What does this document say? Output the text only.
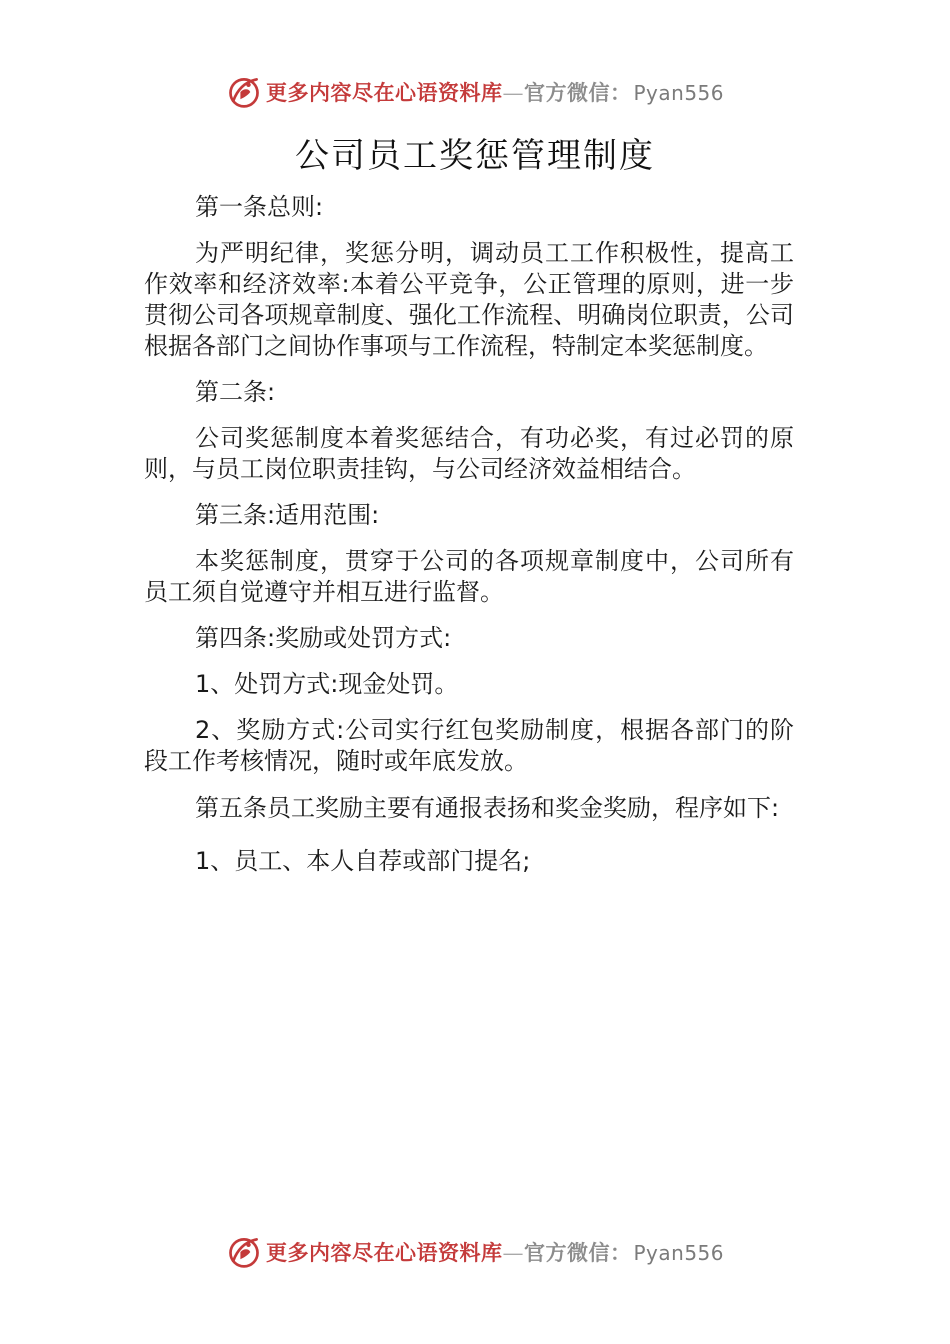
更多内容尽在心语资料库—官方微信： Pyan556
公司员工奖惩管理制度

第一条总则:

为严明纪律，奖惩分明，调动员工工作积极性，提高工作效率和经济效率:本着公平竞争，公正管理的原则，进一步贯彻公司各项规章制度、强化工作流程、明确岗位职责，公司根据各部门之间协作事项与工作流程，特制定本奖惩制度。

第二条:

公司奖惩制度本着奖惩结合，有功必奖，有过必罚的原则，与员工岗位职责挂钩，与公司经济效益相结合。

第三条:适用范围:

本奖惩制度，贯穿于公司的各项规章制度中，公司所有员工须自觉遵守并相互进行监督。

第四条:奖励或处罚方式:

1、处罚方式:现金处罚。

2、奖励方式:公司实行红包奖励制度，根据各部门的阶段工作考核情况，随时或年底发放。

第五条员工奖励主要有通报表扬和奖金奖励，程序如下:

1、员工、本人自荐或部门提名;

更多内容尽在心语资料库—官方微信： Pyan556
